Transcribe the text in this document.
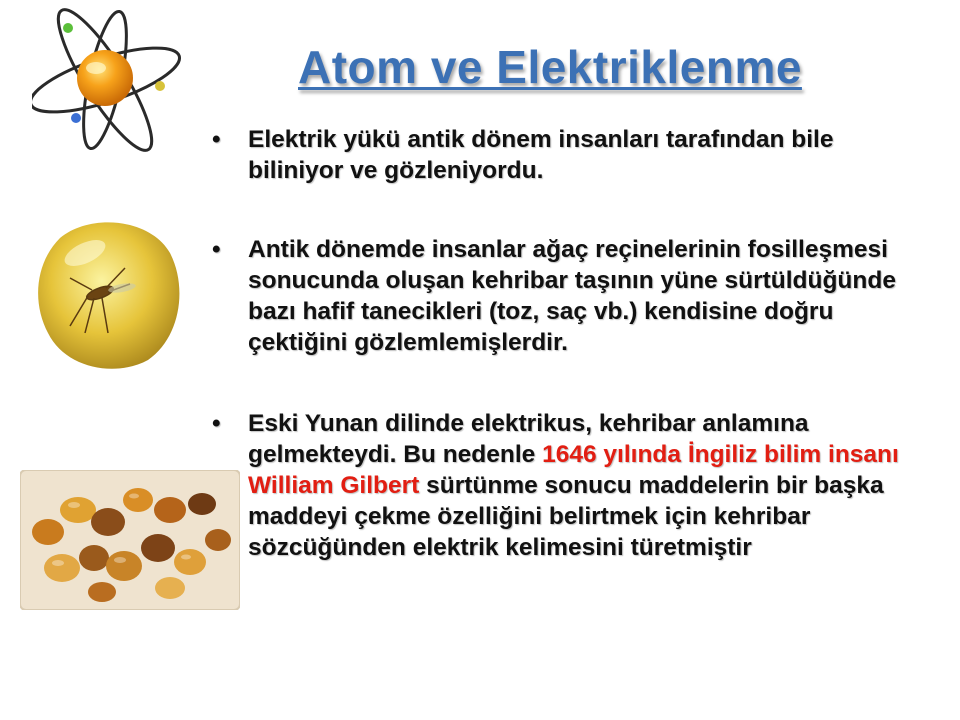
Atom ve Elektriklenme
•	Elektrik yükü antik dönem insanları tarafından bile biliniyor ve gözleniyordu.
•	Antik dönemde insanlar ağaç reçinelerinin fosilleşmesi sonucunda oluşan kehribar taşının yüne sürtüldüğünde bazı hafif tanecikleri (toz, saç vb.) kendisine doğru çektiğini gözlemlemişlerdir.
•	Eski Yunan dilinde elektrikus, kehribar anlamına gelmekteydi. Bu nedenle 1646 yılında İngiliz bilim insanı William Gilbert sürtünme sonucu maddelerin bir başka maddeyi çekme özelliğini belirtmek için kehribar sözcüğünden elektrik kelimesini türetmiştir
